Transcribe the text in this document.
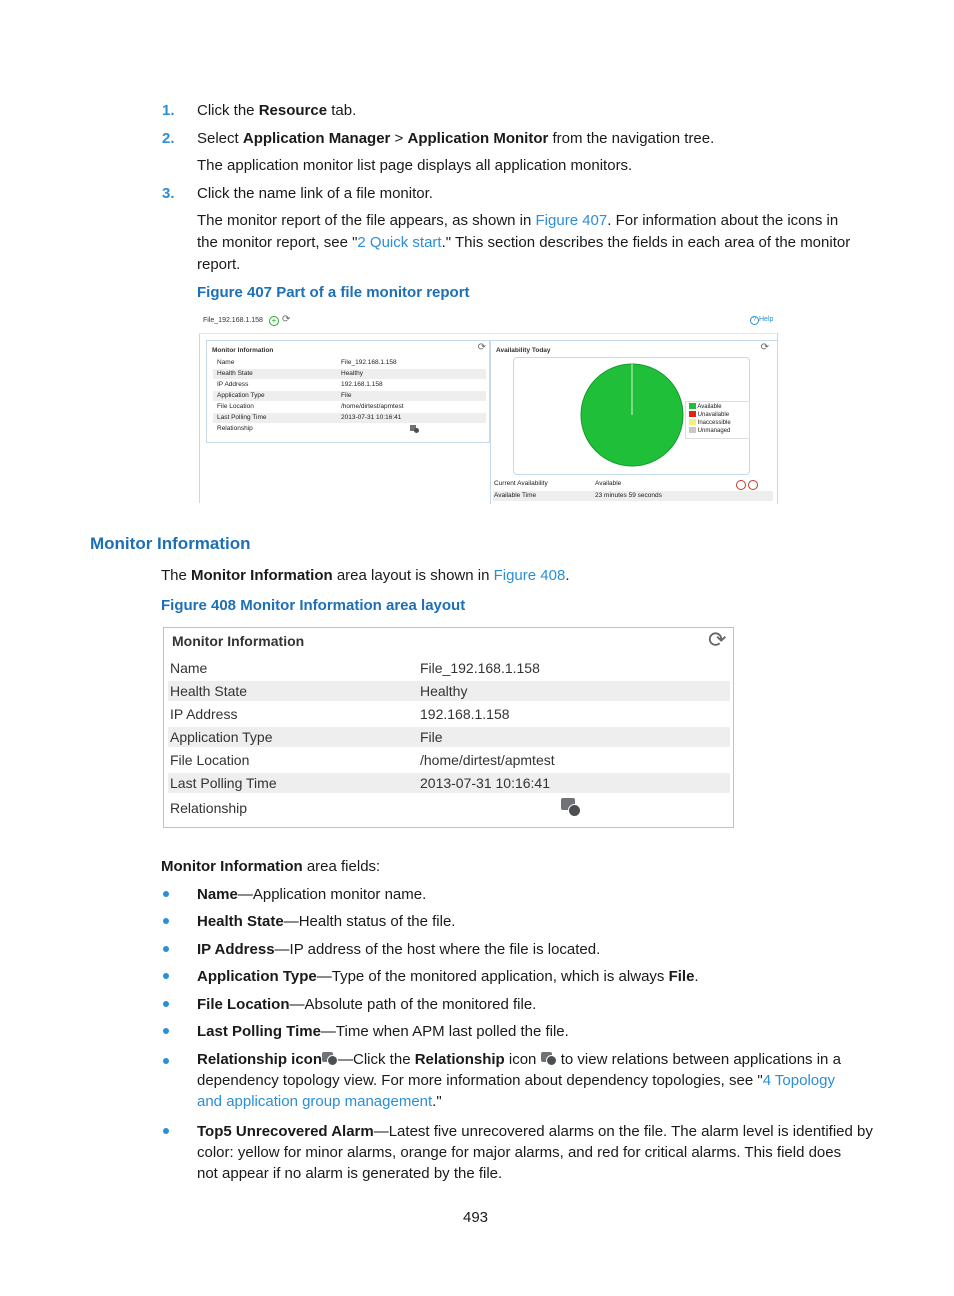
1. Click the Resource tab.
2. Select Application Manager > Application Monitor from the navigation tree.
The application monitor list page displays all application monitors.
3. Click the name link of a file monitor.
The monitor report of the file appears, as shown in Figure 407. For information about the icons in
the monitor report, see "2 Quick start." This section describes the fields in each area of the monitor
report.
Figure 407 Part of a file monitor report
File_192.168.1.158	+ ⟳	? Help
Monitor Information	⟳
Name	File_192.168.1.158
Health State	Healthy
IP Address	192.168.1.158
Application Type	File
File Location	/home/dirtest/apmtest
Last Polling Time	2013-07-31 10:16:41
Relationship
Availability Today	⟳
Available
Unavailable
Inaccessible
Unmanaged
Current Availability	Available
Available Time	23 minutes 59 seconds
Monitor Information
The Monitor Information area layout is shown in Figure 408.
Figure 408 Monitor Information area layout
Monitor Information	⟳
Name	File_192.168.1.158
Health State	Healthy
IP Address	192.168.1.158
Application Type	File
File Location	/home/dirtest/apmtest
Last Polling Time	2013-07-31 10:16:41
Relationship
Monitor Information area fields:
Name—Application monitor name.
Health State—Health status of the file.
IP Address—IP address of the host where the file is located.
Application Type—Type of the monitored application, which is always File.
File Location—Absolute path of the monitored file.
Last Polling Time—Time when APM last polled the file.
Relationship icon —Click the Relationship icon
to view relations between applications in a
dependency topology view. For more information about dependency topologies, see "4 Topology
and application group management."
Top5 Unrecovered Alarm—Latest five unrecovered alarms on the file. The alarm level is identified by
color: yellow for minor alarms, orange for major alarms, and red for critical alarms. This field does
not appear if no alarm is generated by the file.
493
